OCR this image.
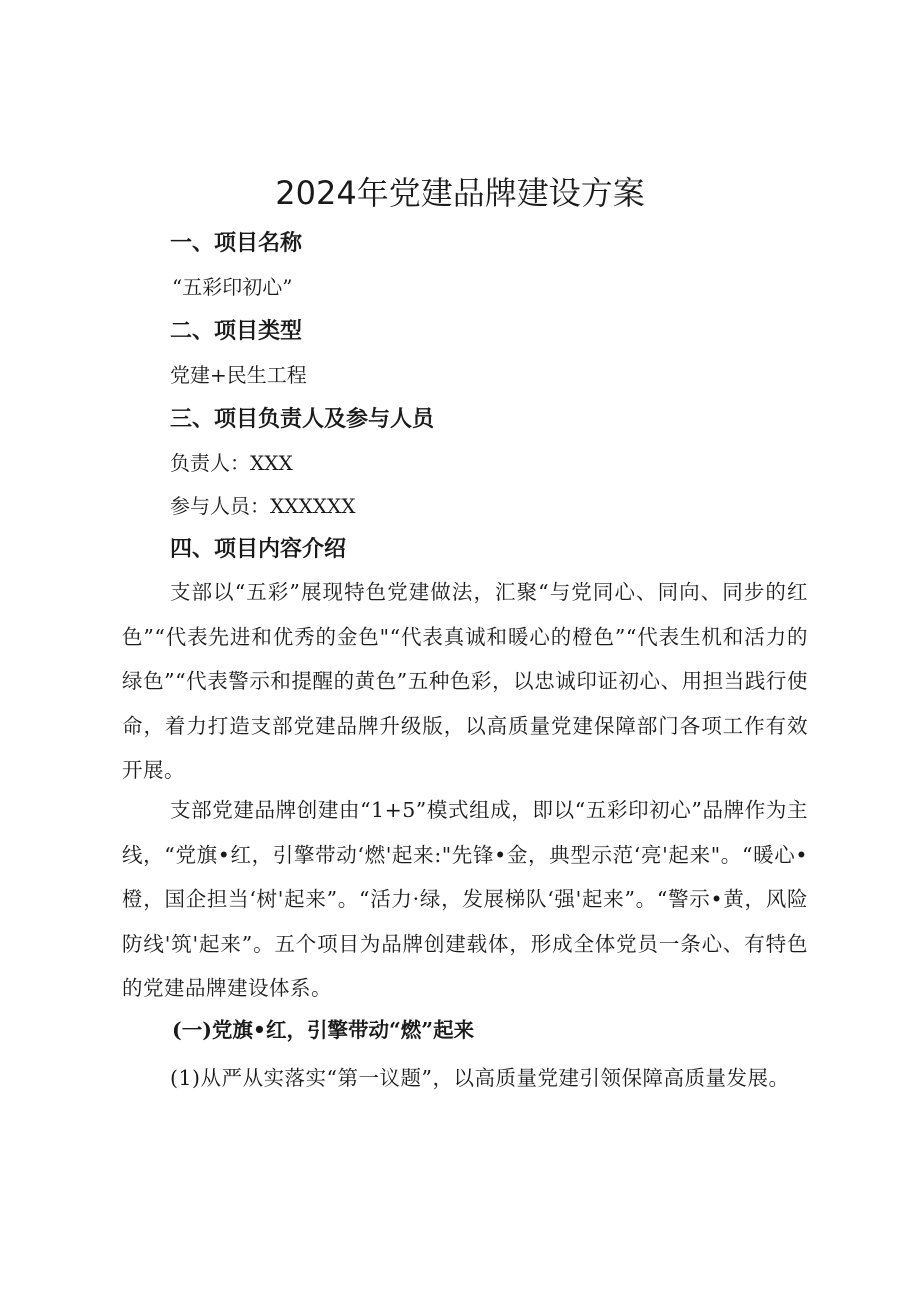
2024年党建品牌建设方案
一、项目名称

“五彩印初心”

二、项目类型

党建+民生工程

三、项目负责人及参与人员

负责人：XXX

参与人员：XXXXXX

四、项目内容介绍

支部以“五彩”展现特色党建做法，汇聚“与党同心、同向、同步的红色”“代表先进和优秀的金色"“代表真诚和暖心的橙色”“代表生机和活力的绿色”“代表警示和提醒的黄色”五种色彩，以忠诚印证初心、用担当践行使命，着力打造支部党建品牌升级版，以高质量党建保障部门各项工作有效开展。

支部党建品牌创建由“1+5”模式组成，即以“五彩印初心”品牌作为主线，“党旗•红，引擎带动‘燃'起来:"先锋•金，典型示范‘亮'起来"。“暖心•橙，国企担当‘树'起来”。“活力·绿，发展梯队‘强'起来”。“警示•黄，风险防线'筑'起来”。五个项目为品牌创建载体，形成全体党员一条心、有特色的党建品牌建设体系。

(一)党旗•红，引擎带动“燃”起来

(1)从严从实落实“第一议题”，以高质量党建引领保障高质量发展。
